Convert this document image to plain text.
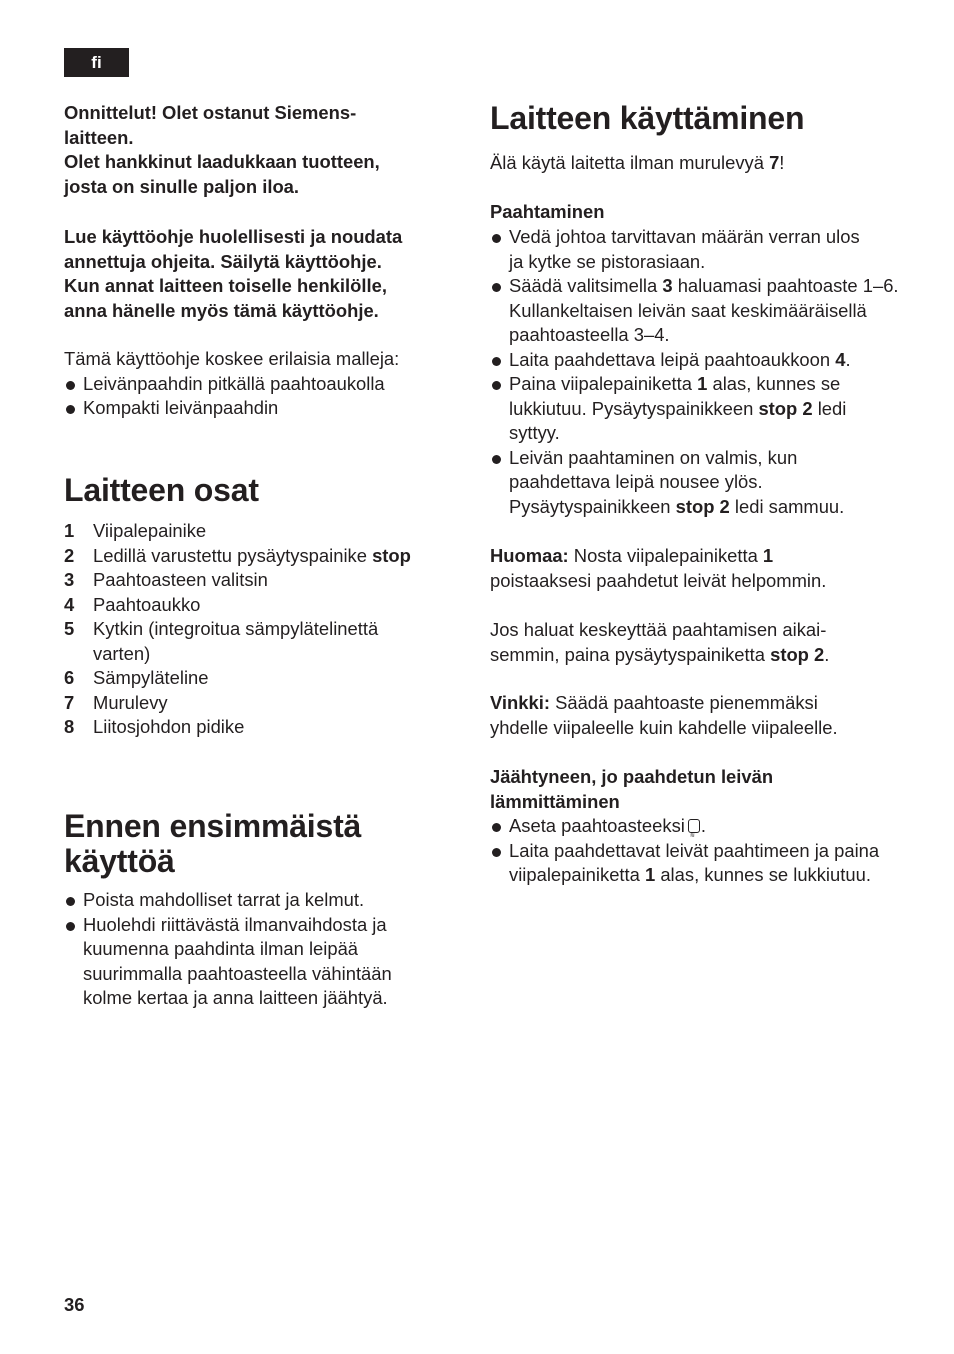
fi

Onnittelut! Olet ostanut Siemens-

laitteen.

Olet hankkinut laadukkaan tuotteen,

josta on sinulle paljon iloa.

Lue käyttöohje huolellisesti ja noudata

annettuja ohjeita. Säilytä käyttöohje.

Kun annat laitteen toiselle henkilölle,

anna hänelle myös tämä käyttöohje.

Tämä käyttöohje koskee erilaisia malleja:

Leivänpaahdin pitkällä paahtoaukolla
Kompakti leivänpaahdin
Laitteen osat
1 Viipalepainike
2 Ledillä varustettu pysäytyspainike stop
3 Paahtoasteen valitsin
4 Paahtoaukko
5 Kytkin (integroitua sämpylätelinettä varten)
6 Sämpyläteline
7 Murulevy
8 Liitosjohdon pidike
Ennen ensimmäistä käyttöä
Poista mahdolliset tarrat ja kelmut.
Huolehdi riittävästä ilmanvaihdosta ja kuumenna paahdinta ilman leipää suurimmalla paahtoasteella vähintään kolme kertaa ja anna laitteen jäähtyä.
Laitteen käyttäminen

Älä käytä laitetta ilman murulevyä 7!

Paahtaminen

Vedä johtoa tarvittavan määrän verran ulos ja kytke se pistorasiaan.
Säädä valitsimella 3 haluamasi paahtoaste 1–6. Kullankeltaisen leivän saat keskimääräisellä paahtoasteella 3–4.
Laita paahdettava leipä paahtoaukkoon 4.
Paina viipalepainiketta 1 alas, kunnes se lukkiutuu. Pysäytyspainikkeen stop 2 ledi syttyy.
Leivän paahtaminen on valmis, kun paahdettava leipä nousee ylös. Pysäytyspainikkeen stop 2 ledi sammuu.

Huomaa: Nosta viipalepainiketta 1 poistaaksesi paahdetut leivät helpommin.

Jos haluat keskeyttää paahtamisen aikai-semmin, paina pysäytyspainiketta stop 2.

Vinkki: Säädä paahtoaste pienemmäksi yhdelle viipaleelle kuin kahdelle viipaleelle.

Jäähtyneen, jo paahdetun leivän lämmittäminen

Aseta paahtoasteeksi ≋ .
Laita paahdettavat leivät paahtimeen ja paina viipalepainiketta 1 alas, kunnes se lukkiutuu.
36
